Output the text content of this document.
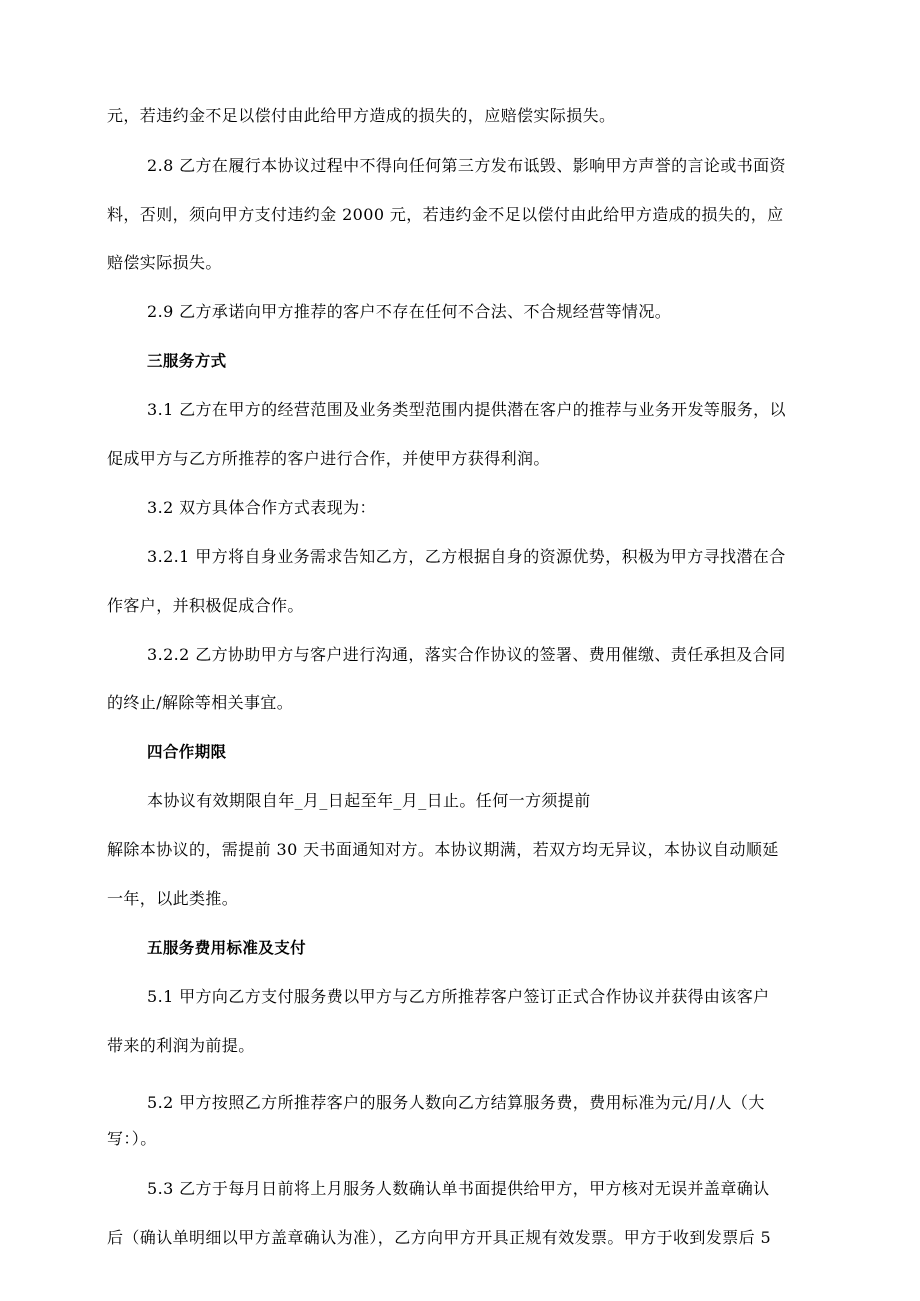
元，若违约金不足以偿付由此给甲方造成的损失的，应赔偿实际损失。
2.8 乙方在履行本协议过程中不得向任何第三方发布诋毁、影响甲方声誉的言论或书面资
料，否则，须向甲方支付违约金 2000 元，若违约金不足以偿付由此给甲方造成的损失的，应
赔偿实际损失。
2.9 乙方承诺向甲方推荐的客户不存在任何不合法、不合规经营等情况。
三服务方式
3.1 乙方在甲方的经营范围及业务类型范围内提供潜在客户的推荐与业务开发等服务，以
促成甲方与乙方所推荐的客户进行合作，并使甲方获得利润。
3.2 双方具体合作方式表现为：
3.2.1 甲方将自身业务需求告知乙方，乙方根据自身的资源优势，积极为甲方寻找潜在合
作客户，并积极促成合作。
3.2.2 乙方协助甲方与客户进行沟通，落实合作协议的签署、费用催缴、责任承担及合同
的终止/解除等相关事宜。
四合作期限
本协议有效期限自年_月_日起至年_月_日止。任何一方须提前
解除本协议的，需提前 30 天书面通知对方。本协议期满，若双方均无异议，本协议自动顺延
一年，以此类推。
五服务费用标准及支付
5.1 甲方向乙方支付服务费以甲方与乙方所推荐客户签订正式合作协议并获得由该客户
带来的利润为前提。
5.2 甲方按照乙方所推荐客户的服务人数向乙方结算服务费，费用标准为元/月/人（大
写：）。
5.3 乙方于每月日前将上月服务人数确认单书面提供给甲方，甲方核对无误并盖章确认
后（确认单明细以甲方盖章确认为准），乙方向甲方开具正规有效发票。甲方于收到发票后 5
